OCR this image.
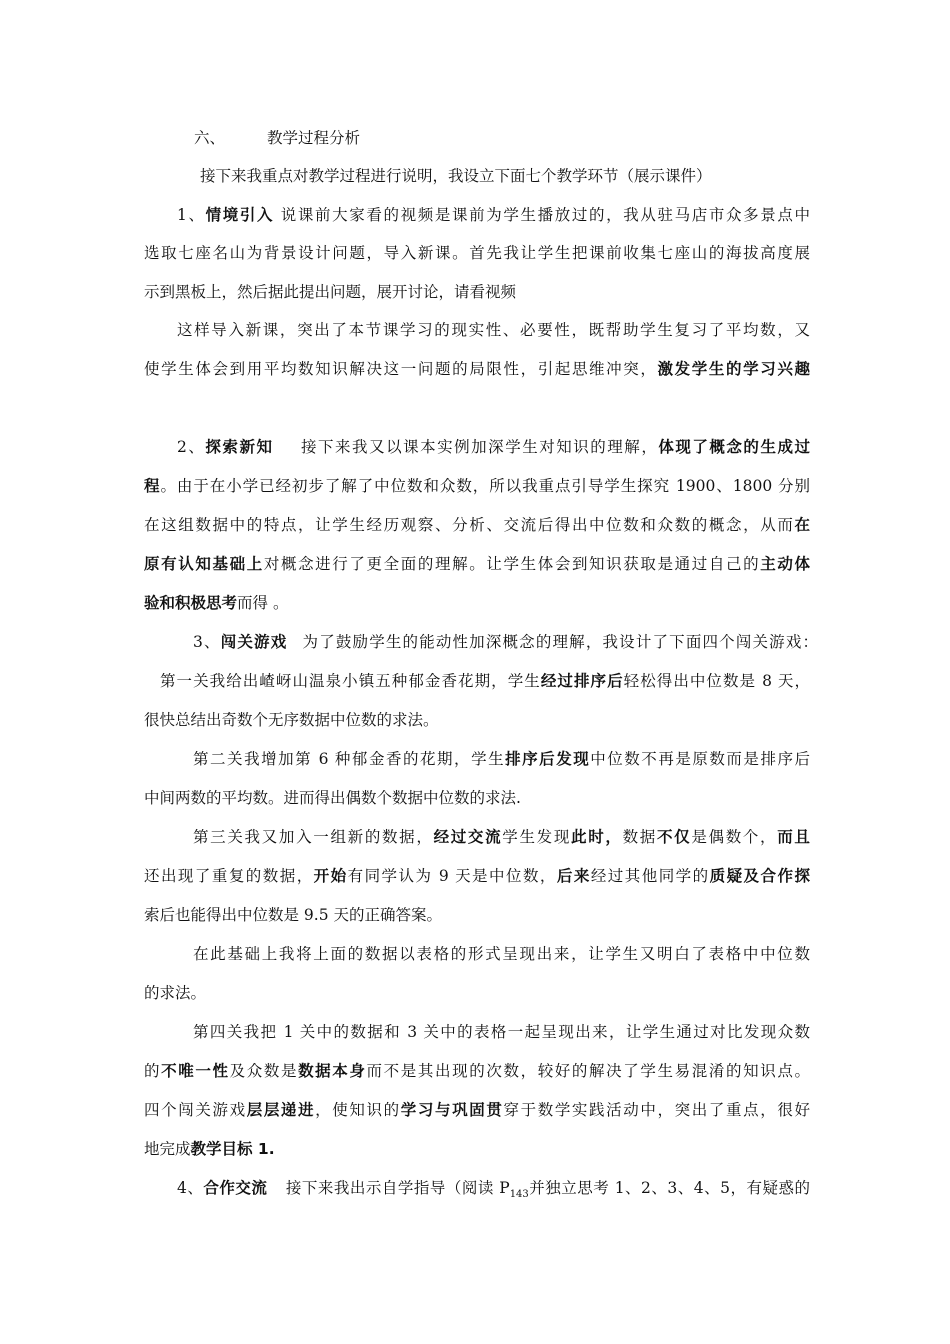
六、	教学过程分析
接下来我重点对教学过程进行说明，我设立下面七个教学环节（展示课件）
1、情境引入 说课前大家看的视频是课前为学生播放过的，我从驻马店市众多景点中
选取七座名山为背景设计问题，导入新课。首先我让学生把课前收集七座山的海拔高度展
示到黑板上，然后据此提出问题，展开讨论，请看视频
这样导入新课，突出了本节课学习的现实性、必要性，既帮助学生复习了平均数，又
使学生体会到用平均数知识解决这一问题的局限性，引起思维冲突，激发学生的学习兴趣
2、探索新知 接下来我又以课本实例加深学生对知识的理解，体现了概念的生成过
程。由于在小学已经初步了解了中位数和众数，所以我重点引导学生探究 1900、1800 分别
在这组数据中的特点，让学生经历观察、分析、交流后得出中位数和众数的概念，从而在
原有认知基础上对概念进行了更全面的理解。让学生体会到知识获取是通过自己的主动体
验和积极思考而得 。
3、闯关游戏 为了鼓励学生的能动性加深概念的理解，我设计了下面四个闯关游戏：
第一关我给出嵖岈山温泉小镇五种郁金香花期，学生经过排序后轻松得出中位数是 8 天，
很快总结出奇数个无序数据中位数的求法。
第二关我增加第 6 种郁金香的花期，学生排序后发现中位数不再是原数而是排序后
中间两数的平均数。进而得出偶数个数据中位数的求法.
第三关我又加入一组新的数据，经过交流学生发现此时，数据不仅是偶数个，而且
还出现了重复的数据，开始有同学认为 9 天是中位数，后来经过其他同学的质疑及合作探
索后也能得出中位数是 9.5 天的正确答案。
在此基础上我将上面的数据以表格的形式呈现出来，让学生又明白了表格中中位数
的求法。
第四关我把 1 关中的数据和 3 关中的表格一起呈现出来，让学生通过对比发现众数
的不唯一性及众数是数据本身而不是其出现的次数，较好的解决了学生易混淆的知识点。
四个闯关游戏层层递进，使知识的学习与巩固贯穿于数学实践活动中，突出了重点，很好
地完成教学目标 1.
4、合作交流 接下来我出示自学指导（阅读 $P_{143}$并独立思考 1、2、3、4、5，有疑惑的
